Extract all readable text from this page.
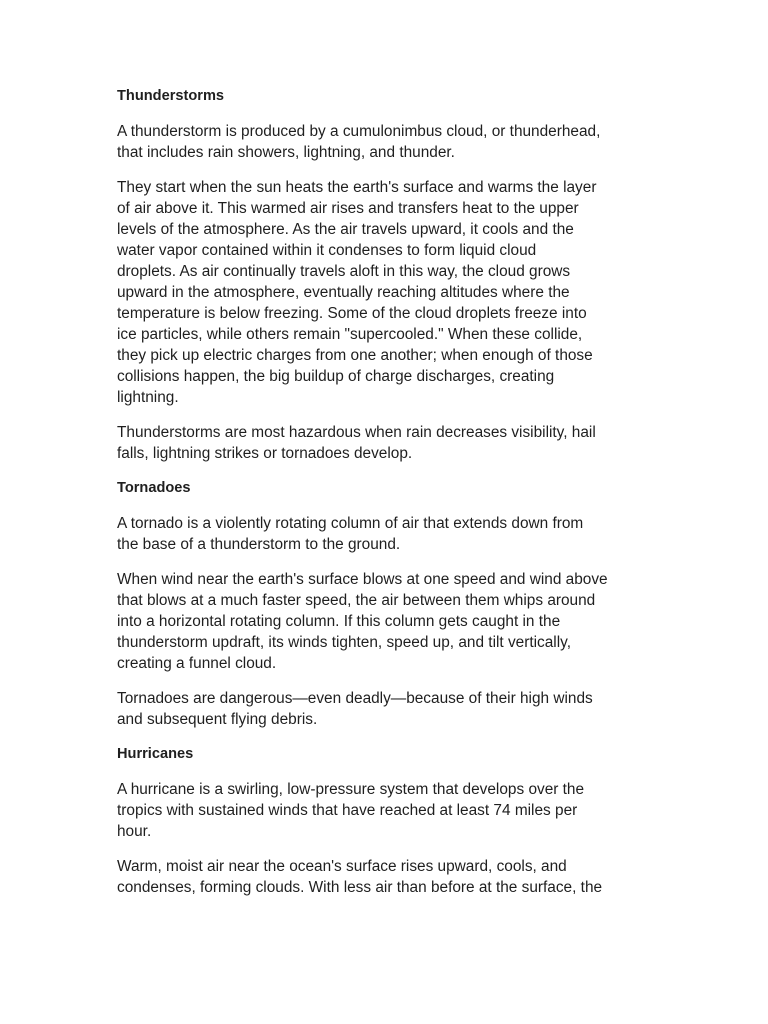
Thunderstorms

A thunderstorm is produced by a cumulonimbus cloud, or thunderhead,
that includes rain showers, lightning, and thunder.

They start when the sun heats the earth's surface and warms the layer
of air above it. This warmed air rises and transfers heat to the upper
levels of the atmosphere. As the air travels upward, it cools and the
water vapor contained within it condenses to form liquid cloud
droplets. As air continually travels aloft in this way, the cloud grows
upward in the atmosphere, eventually reaching altitudes where the
temperature is below freezing. Some of the cloud droplets freeze into
ice particles, while others remain "supercooled." When these collide,
they pick up electric charges from one another; when enough of those
collisions happen, the big buildup of charge discharges, creating
lightning.

Thunderstorms are most hazardous when rain decreases visibility, hail
falls, lightning strikes or tornadoes develop.

Tornadoes

A tornado is a violently rotating column of air that extends down from
the base of a thunderstorm to the ground.

When wind near the earth's surface blows at one speed and wind above
that blows at a much faster speed, the air between them whips around
into a horizontal rotating column. If this column gets caught in the
thunderstorm updraft, its winds tighten, speed up, and tilt vertically,
creating a funnel cloud.

Tornadoes are dangerous—even deadly—because of their high winds
and subsequent flying debris.

Hurricanes

A hurricane is a swirling, low-pressure system that develops over the
tropics with sustained winds that have reached at least 74 miles per
hour.

Warm, moist air near the ocean's surface rises upward, cools, and
condenses, forming clouds. With less air than before at the surface, the
